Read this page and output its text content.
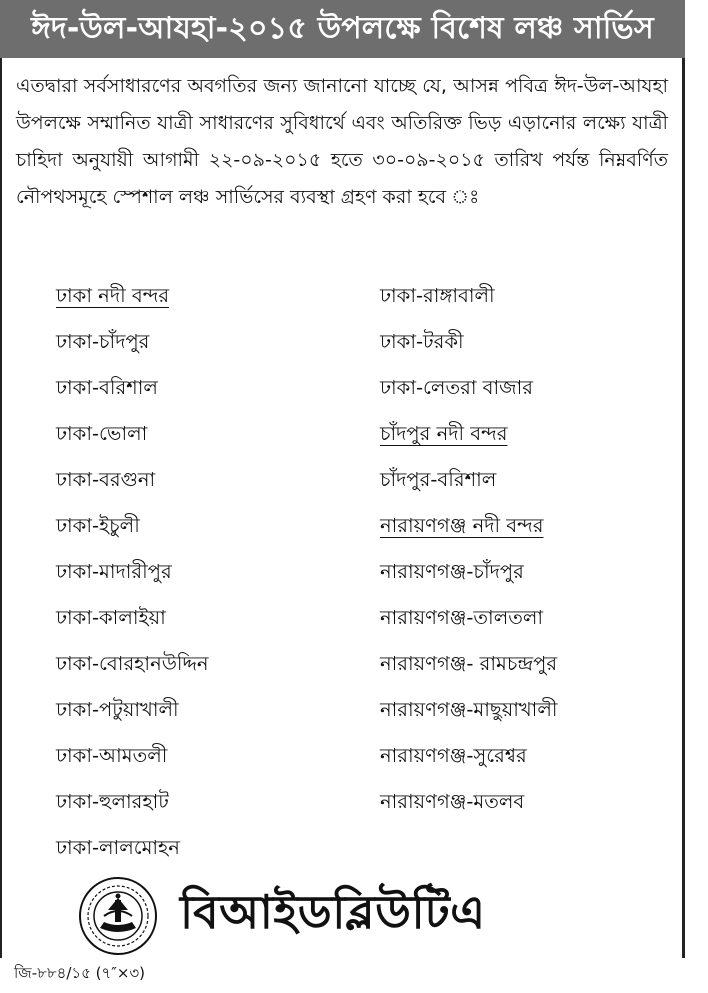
ঈদ-উল-আযহা-২০১৫ উপলক্ষে বিশেষ লঞ্চ সার্ভিস

এতদ্বারা সর্বসাধারণের অবগতির জন্য জানানো যাচ্ছে যে, আসন্ন পবিত্র ঈদ-উল-আযহা উপলক্ষে সম্মানিত যাত্রী সাধারণের সুবিধার্থে এবং অতিরিক্ত ভিড় এড়ানোর লক্ষ্যে যাত্রী চাহিদা অনুযায়ী আগামী ২২-০৯-২০১৫ হতে ৩০-০৯-২০১৫ তারিখ পর্যন্ত নিম্নবর্ণিত নৌপথসমূহে স্পেশাল লঞ্চ সার্ভিসের ব্যবস্থা গ্রহণ করা হবে ঃ

ঢাকা নদী বন্দর
ঢাকা-চাঁদপুর
ঢাকা-বরিশাল
ঢাকা-ভোলা
ঢাকা-বরগুনা
ঢাকা-ইচুলী
ঢাকা-মাদারীপুর
ঢাকা-কালাইয়া
ঢাকা-বোরহানউদ্দিন
ঢাকা-পটুয়াখালী
ঢাকা-আমতলী
ঢাকা-হুলারহাট
ঢাকা-লালমোহন
ঢাকা-রাঙ্গাবালী
ঢাকা-টরকী
ঢাকা-লেতরা বাজার
চাঁদপুর নদী বন্দর
চাঁদপুর-বরিশাল
নারায়ণগঞ্জ নদী বন্দর
নারায়ণগঞ্জ-চাঁদপুর
নারায়ণগঞ্জ-তালতলা
নারায়ণগঞ্জ- রামচন্দ্রপুর
নারায়ণগঞ্জ-মাছুয়াখালী
নারায়ণগঞ্জ-সুরেশ্বর
নারায়ণগঞ্জ-মতলব
বিআইডব্লিউটিএ
জি-৮৮৪/১৫ (৭″×৩)
